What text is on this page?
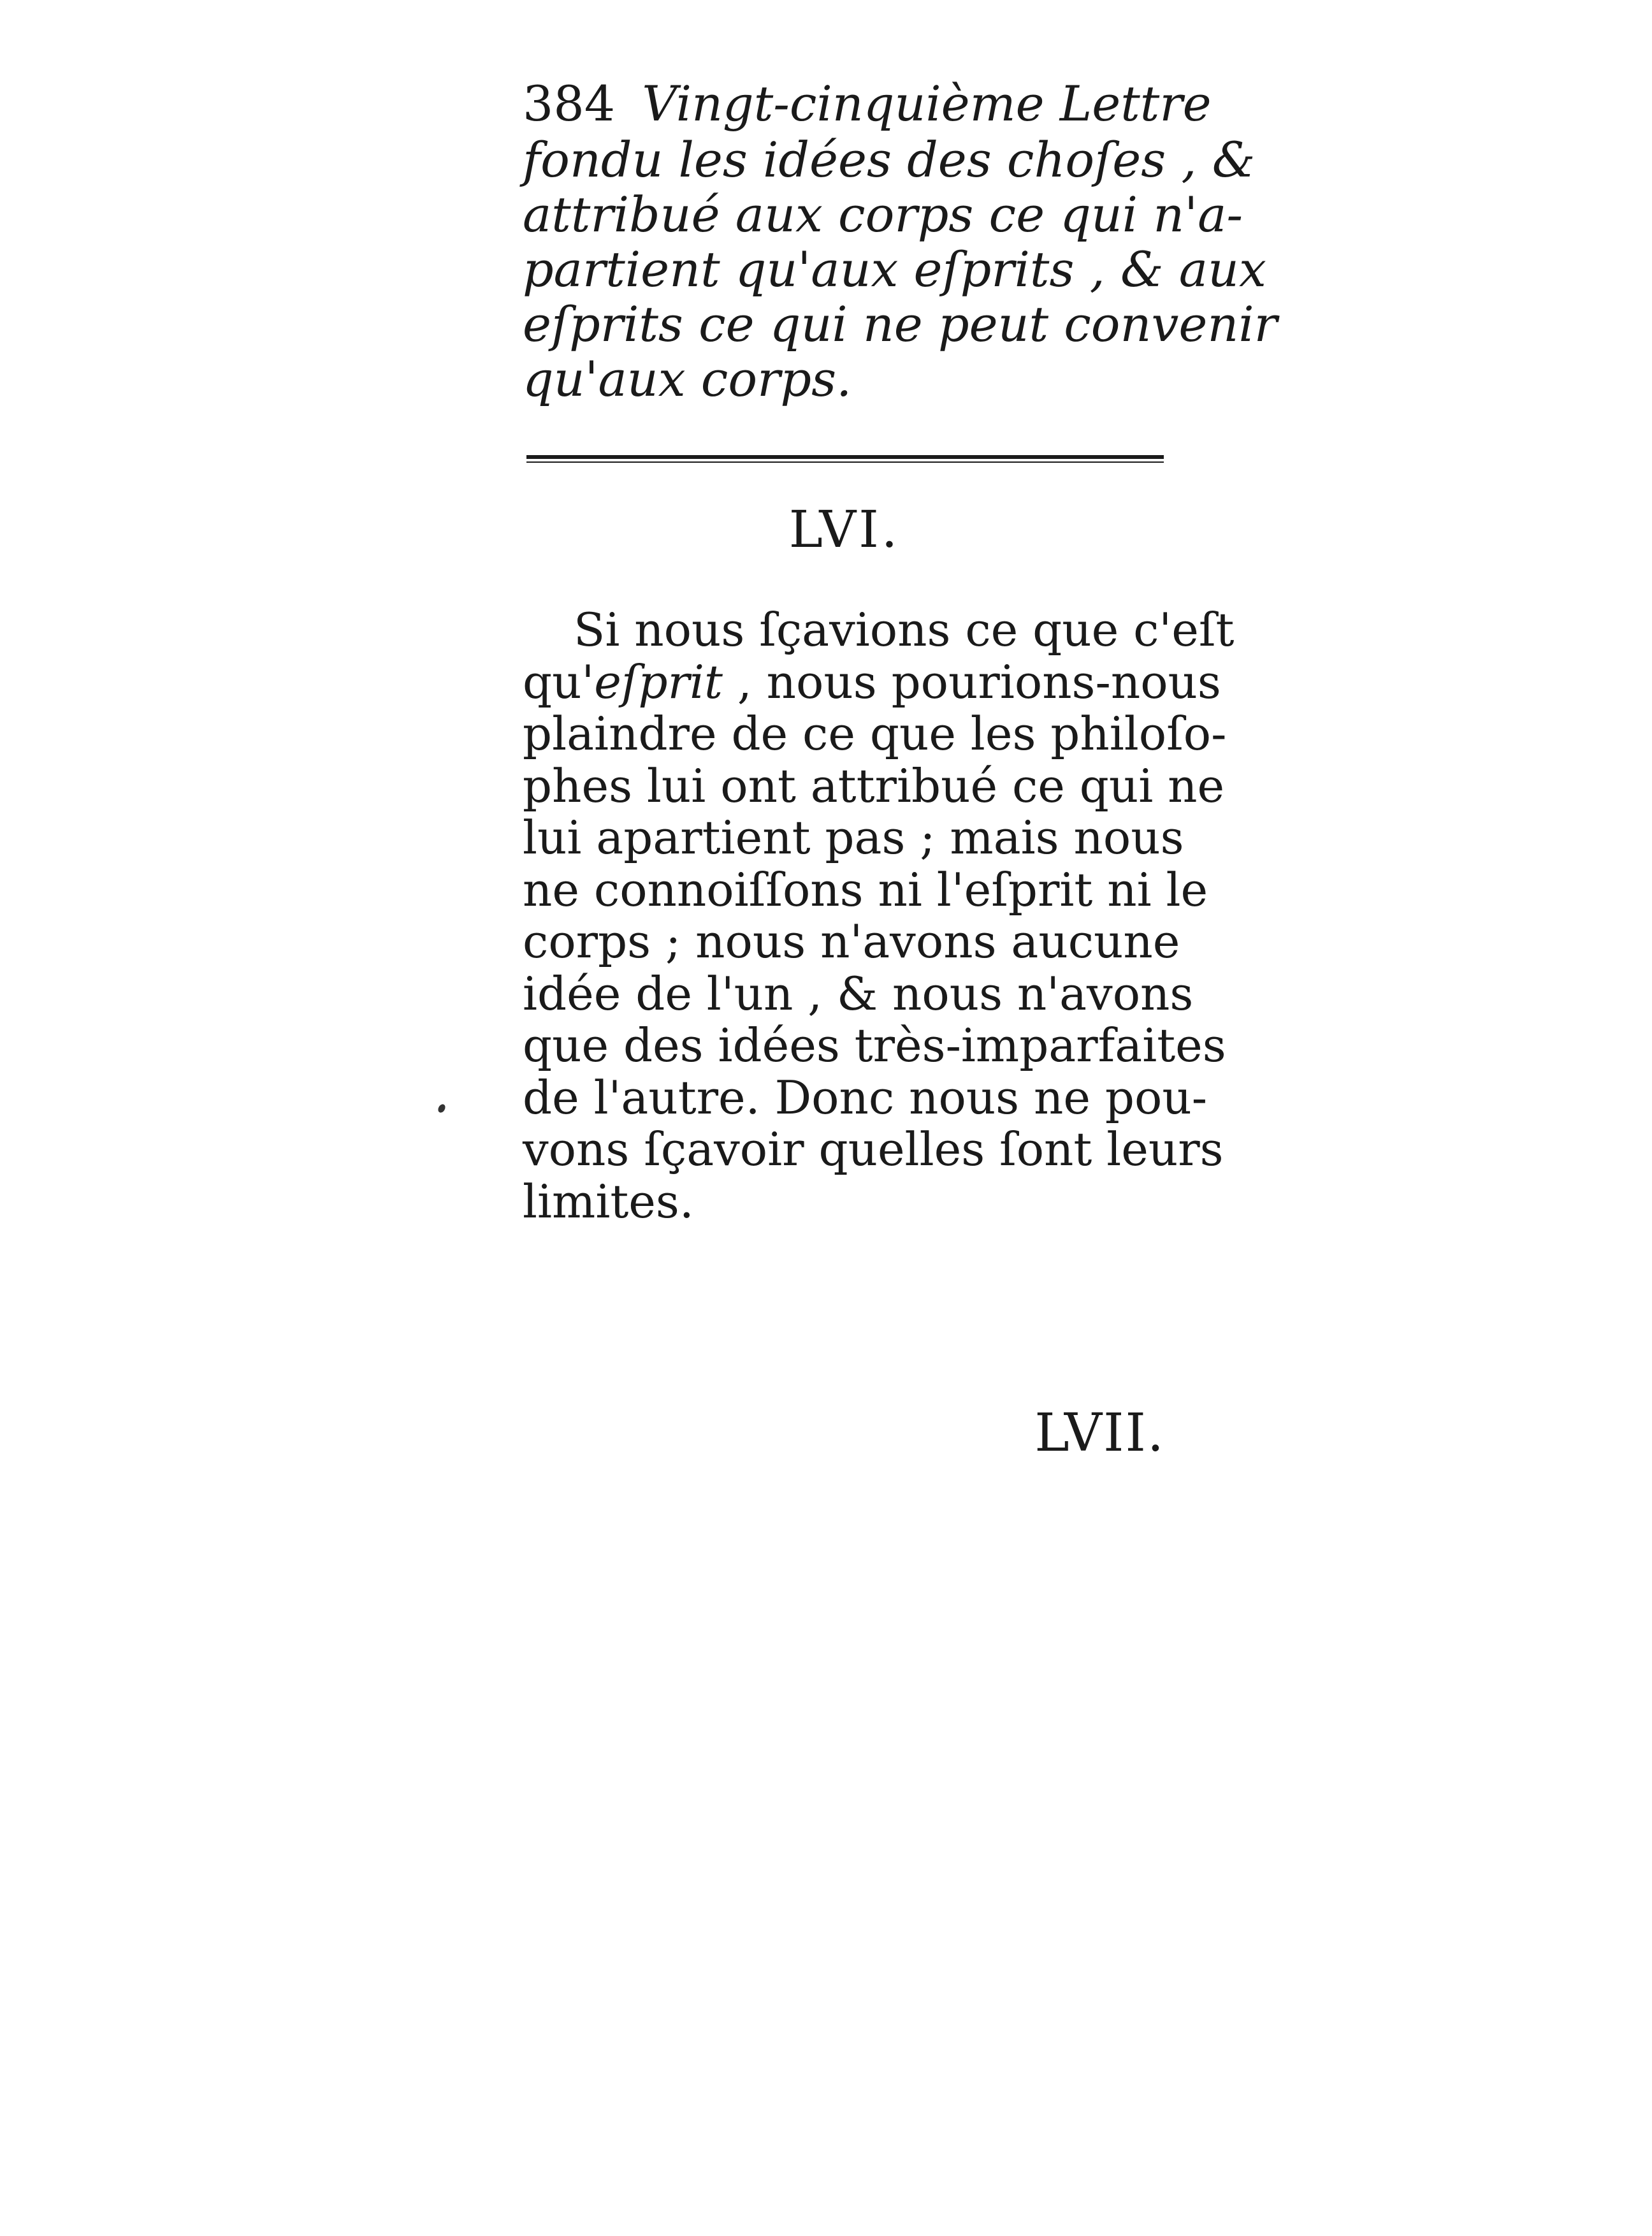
384 Vingt-cinquième Lettre
fondu les idées des choſes , &
attribué aux corps ce qui n'a-
partient qu'aux eſprits , & aux
eſprits ce qui ne peut convenir
qu'aux corps.
LVI.
Si nous ſçavions ce que c'eſt
qu'eſprit , nous pourions-nous
plaindre de ce que les philoſo-
phes lui ont attribué ce qui ne
lui apartient pas ; mais nous
ne connoiſſons ni l'eſprit ni le
corps ; nous n'avons aucune
idée de l'un , & nous n'avons
que des idées très-imparfaites
de l'autre. Donc nous ne pou-
vons ſçavoir quelles ſont leurs
limites.
LVII.
